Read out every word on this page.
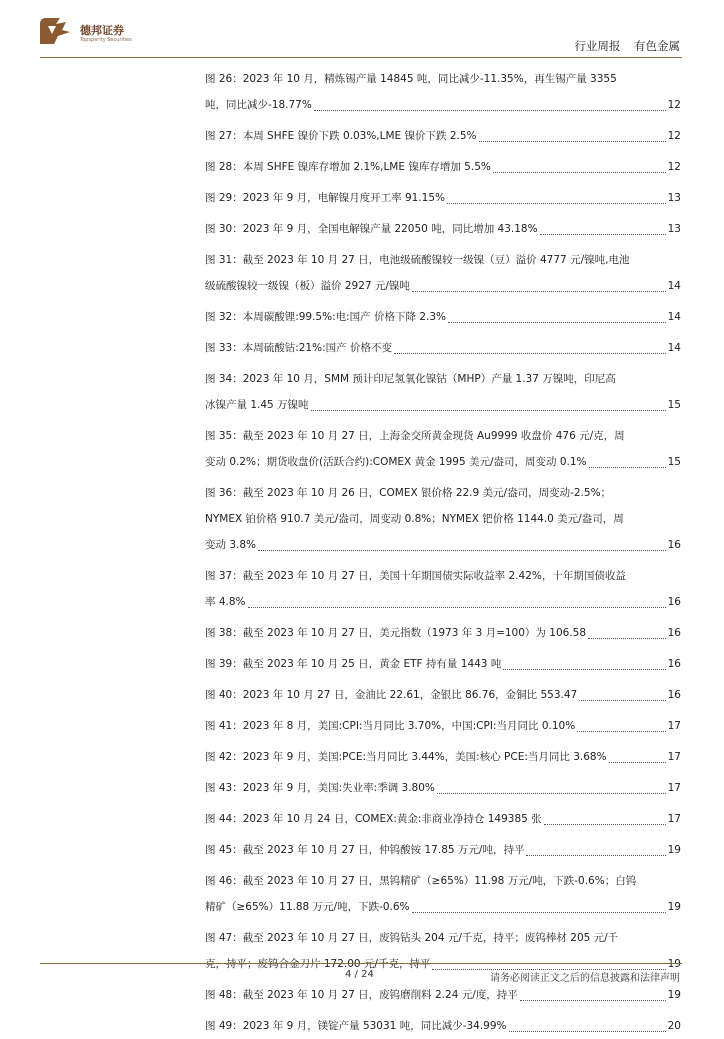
德邦证券
Topsperity Securities	行业周报 有色金属
图 26：2023 年 10 月，精炼锡产量 14845 吨，同比减少-11.35%，再生锡产量 3355
吨，同比减少-18.77%	12
图 27：本周 SHFE 镍价下跌 0.03%,LME 镍价下跌 2.5%	12
图 28：本周 SHFE 镍库存增加 2.1%,LME 镍库存增加 5.5%	12
图 29：2023 年 9 月，电解镍月度开工率 91.15%	13
图 30：2023 年 9 月，全国电解镍产量 22050 吨，同比增加 43.18%	13
图 31：截至 2023 年 10 月 27 日，电池级硫酸镍较一级镍（豆）溢价 4777 元/镍吨,电池
级硫酸镍较一级镍（板）溢价 2927 元/镍吨	14
图 32：本周碳酸锂:99.5%:电:国产 价格下降 2.3%	14
图 33：本周硫酸钴:21%:国产 价格不变	14
图 34：2023 年 10 月，SMM 预计印尼氢氧化镍钴（MHP）产量 1.37 万镍吨，印尼高
冰镍产量 1.45 万镍吨	15
图 35：截至 2023 年 10 月 27 日，上海金交所黄金现货 Au9999 收盘价 476 元/克，周
变动 0.2%；期货收盘价(活跃合约):COMEX 黄金 1995 美元/盎司，周变动 0.1%	15
图 36：截至 2023 年 10 月 26 日，COMEX 银价格 22.9 美元/盎司，周变动-2.5%；
NYMEX 铂价格 910.7 美元/盎司，周变动 0.8%；NYMEX 钯价格 1144.0 美元/盎司，周
变动 3.8%	16
图 37：截至 2023 年 10 月 27 日，美国十年期国债实际收益率 2.42%，十年期国债收益
率 4.8%	16
图 38：截至 2023 年 10 月 27 日，美元指数（1973 年 3 月=100）为 106.58	16
图 39：截至 2023 年 10 月 25 日，黄金 ETF 持有量 1443 吨	16
图 40：2023 年 10 月 27 日，金油比 22.61，金银比 86.76，金铜比 553.47	16
图 41：2023 年 8 月，美国:CPI:当月同比 3.70%，中国:CPI:当月同比 0.10%	17
图 42：2023 年 9 月，美国:PCE:当月同比 3.44%，美国:核心 PCE:当月同比 3.68%	17
图 43：2023 年 9 月，美国:失业率:季调 3.80%	17
图 44：2023 年 10 月 24 日，COMEX:黄金:非商业净持仓 149385 张	17
图 45：截至 2023 年 10 月 27 日，仲钨酸铵 17.85 万元/吨，持平	19
图 46：截至 2023 年 10 月 27 日，黑钨精矿（≥65%）11.98 万元/吨，下跌-0.6%；白钨
精矿（≥65%）11.88 万元/吨，下跌-0.6%	19
图 47：截至 2023 年 10 月 27 日，废钨钻头 204 元/千克，持平；废钨棒材 205 元/千
克，持平；废钨合金刀片 172.00 元/千克，持平	19
图 48：截至 2023 年 10 月 27 日，废钨磨削料 2.24 元/度，持平	19
图 49：2023 年 9 月，镁锭产量 53031 吨，同比减少-34.99%	20
4 / 24	请务必阅读正文之后的信息披露和法律声明
